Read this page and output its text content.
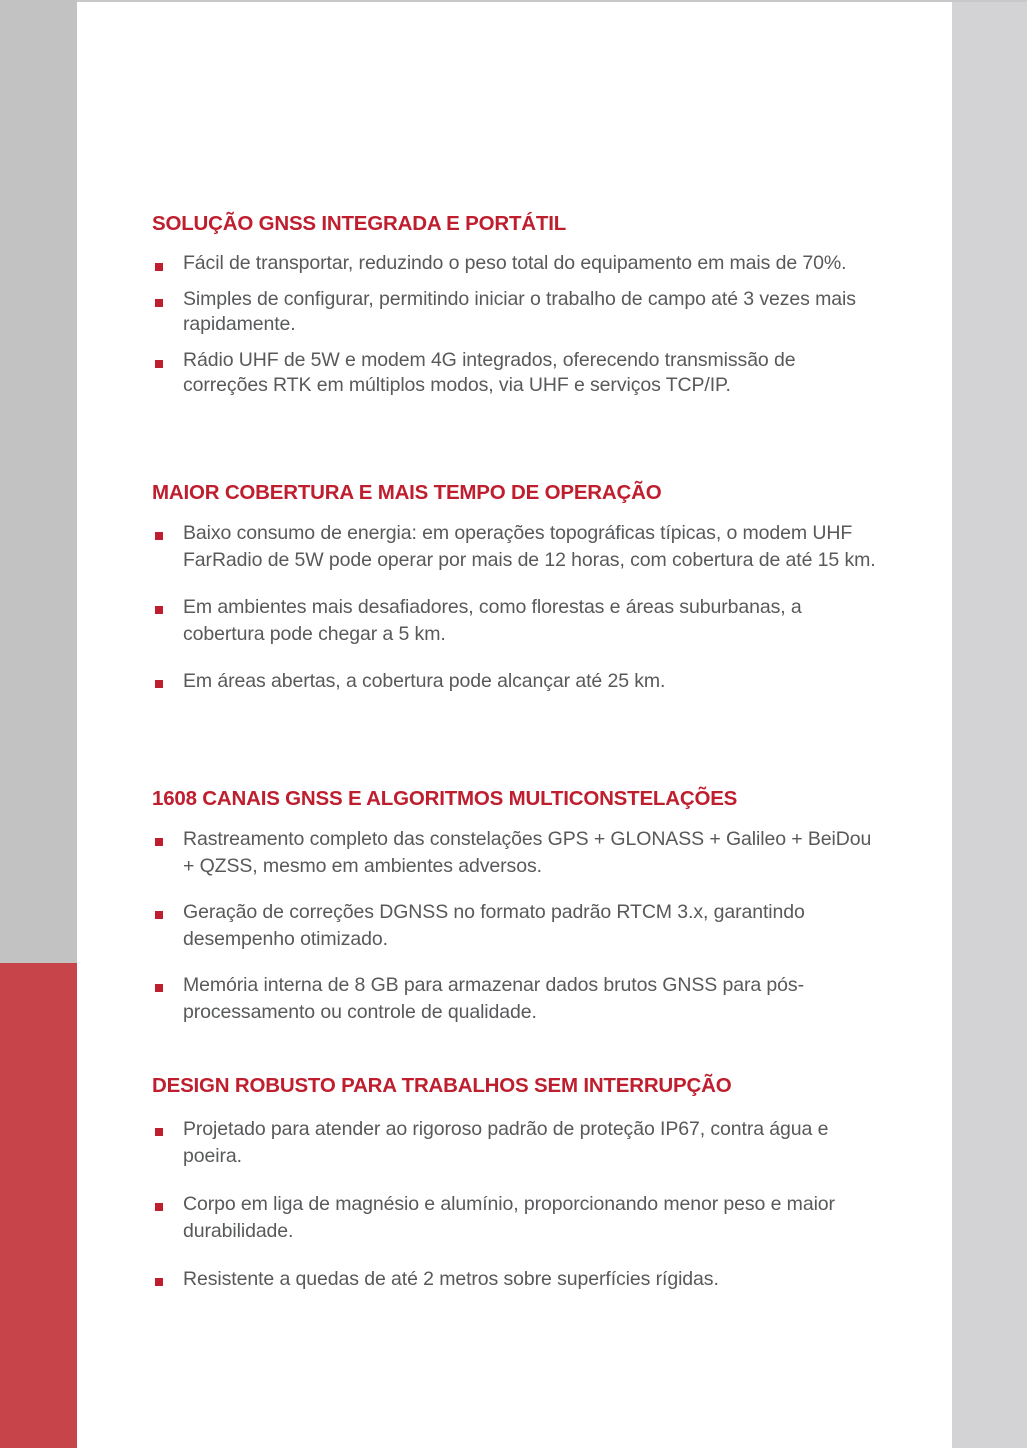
SOLUÇÃO GNSS INTEGRADA E PORTÁTIL
Fácil de transportar, reduzindo o peso total do equipamento em mais de 70%.
Simples de configurar, permitindo iniciar o trabalho de campo até 3 vezes mais rapidamente.
Rádio UHF de 5W e modem 4G integrados, oferecendo transmissão de correções RTK em múltiplos modos, via UHF e serviços TCP/IP.
MAIOR COBERTURA E MAIS TEMPO DE OPERAÇÃO
Baixo consumo de energia: em operações topográficas típicas, o modem UHF FarRadio de 5W pode operar por mais de 12 horas, com cobertura de até 15 km.
Em ambientes mais desafiadores, como florestas e áreas suburbanas, a cobertura pode chegar a 5 km.
Em áreas abertas, a cobertura pode alcançar até 25 km.
1608 CANAIS GNSS E ALGORITMOS MULTICONSTELAÇÕES
Rastreamento completo das constelações GPS + GLONASS + Galileo + BeiDou + QZSS, mesmo em ambientes adversos.
Geração de correções DGNSS no formato padrão RTCM 3.x, garantindo desempenho otimizado.
Memória interna de 8 GB para armazenar dados brutos GNSS para pós-processamento ou controle de qualidade.
DESIGN ROBUSTO PARA TRABALHOS SEM INTERRUPÇÃO
Projetado para atender ao rigoroso padrão de proteção IP67, contra água e poeira.
Corpo em liga de magnésio e alumínio, proporcionando menor peso e maior durabilidade.
Resistente a quedas de até 2 metros sobre superfícies rígidas.
